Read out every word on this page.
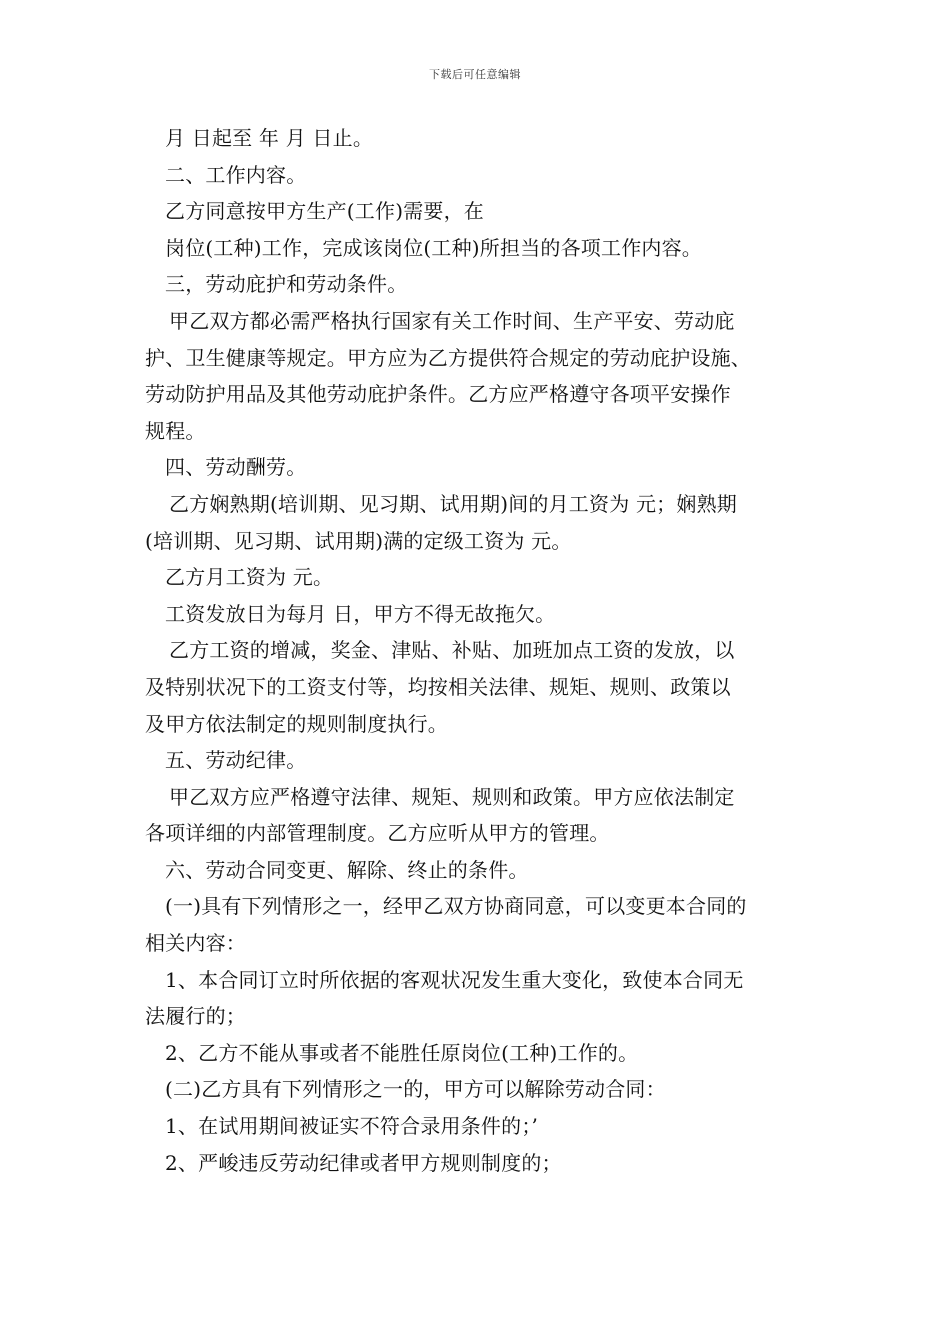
下载后可任意编辑
月 日起至 年 月 日止。
二、工作内容。
乙方同意按甲方生产(工作)需要，在
岗位(工种)工作，完成该岗位(工种)所担当的各项工作内容。
三，劳动庇护和劳动条件。
甲乙双方都必需严格执行国家有关工作时间、生产平安、劳动庇
护、卫生健康等规定。甲方应为乙方提供符合规定的劳动庇护设施、
劳动防护用品及其他劳动庇护条件。乙方应严格遵守各项平安操作
规程。
四、劳动酬劳。
乙方娴熟期(培训期、见习期、试用期)间的月工资为 元；娴熟期
(培训期、见习期、试用期)满的定级工资为 元。
乙方月工资为 元。
工资发放日为每月 日，甲方不得无故拖欠。
乙方工资的增减，奖金、津贴、补贴、加班加点工资的发放，以
及特别状况下的工资支付等，均按相关法律、规矩、规则、政策以
及甲方依法制定的规则制度执行。
五、劳动纪律。
甲乙双方应严格遵守法律、规矩、规则和政策。甲方应依法制定
各项详细的内部管理制度。乙方应听从甲方的管理。
六、劳动合同变更、解除、终止的条件。
(一)具有下列情形之一，经甲乙双方协商同意，可以变更本合同的
相关内容：
1、本合同订立时所依据的客观状况发生重大变化，致使本合同无
法履行的；
2、乙方不能从事或者不能胜任原岗位(工种)工作的。
(二)乙方具有下列情形之一的，甲方可以解除劳动合同：
1、在试用期间被证实不符合录用条件的；’
2、严峻违反劳动纪律或者甲方规则制度的；
